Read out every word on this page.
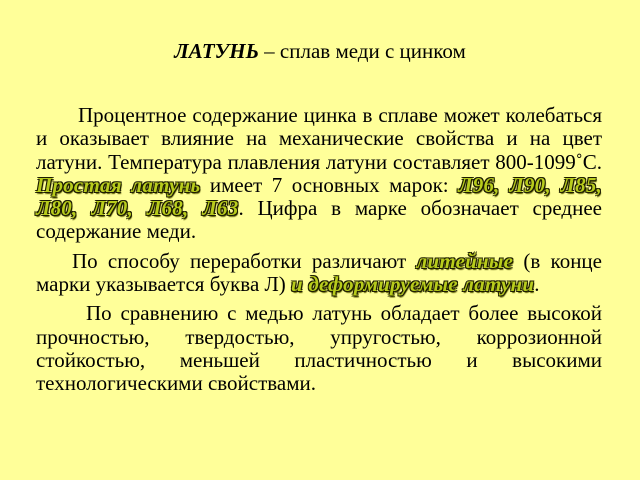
ЛАТУНЬ – сплав меди с цинком

Процентное содержание цинка в сплаве может колебаться и оказывает влияние на механические свойства и на цвет латуни. Температура плавления латуни составляет 800-1099˚С. Простая латунь имеет 7 основных марок: Л96, Л90, Л85, Л80, Л70, Л68, Л63. Цифра в марке обозначает среднее содержание меди.

По способу переработки различают литейные (в конце марки указывается буква Л) и деформируемые латуни.

По сравнению с медью латунь обладает более высокой прочностью, твердостью, упругостью, коррозионной стойкостью, меньшей пластичностью и высокими технологическими свойствами.
